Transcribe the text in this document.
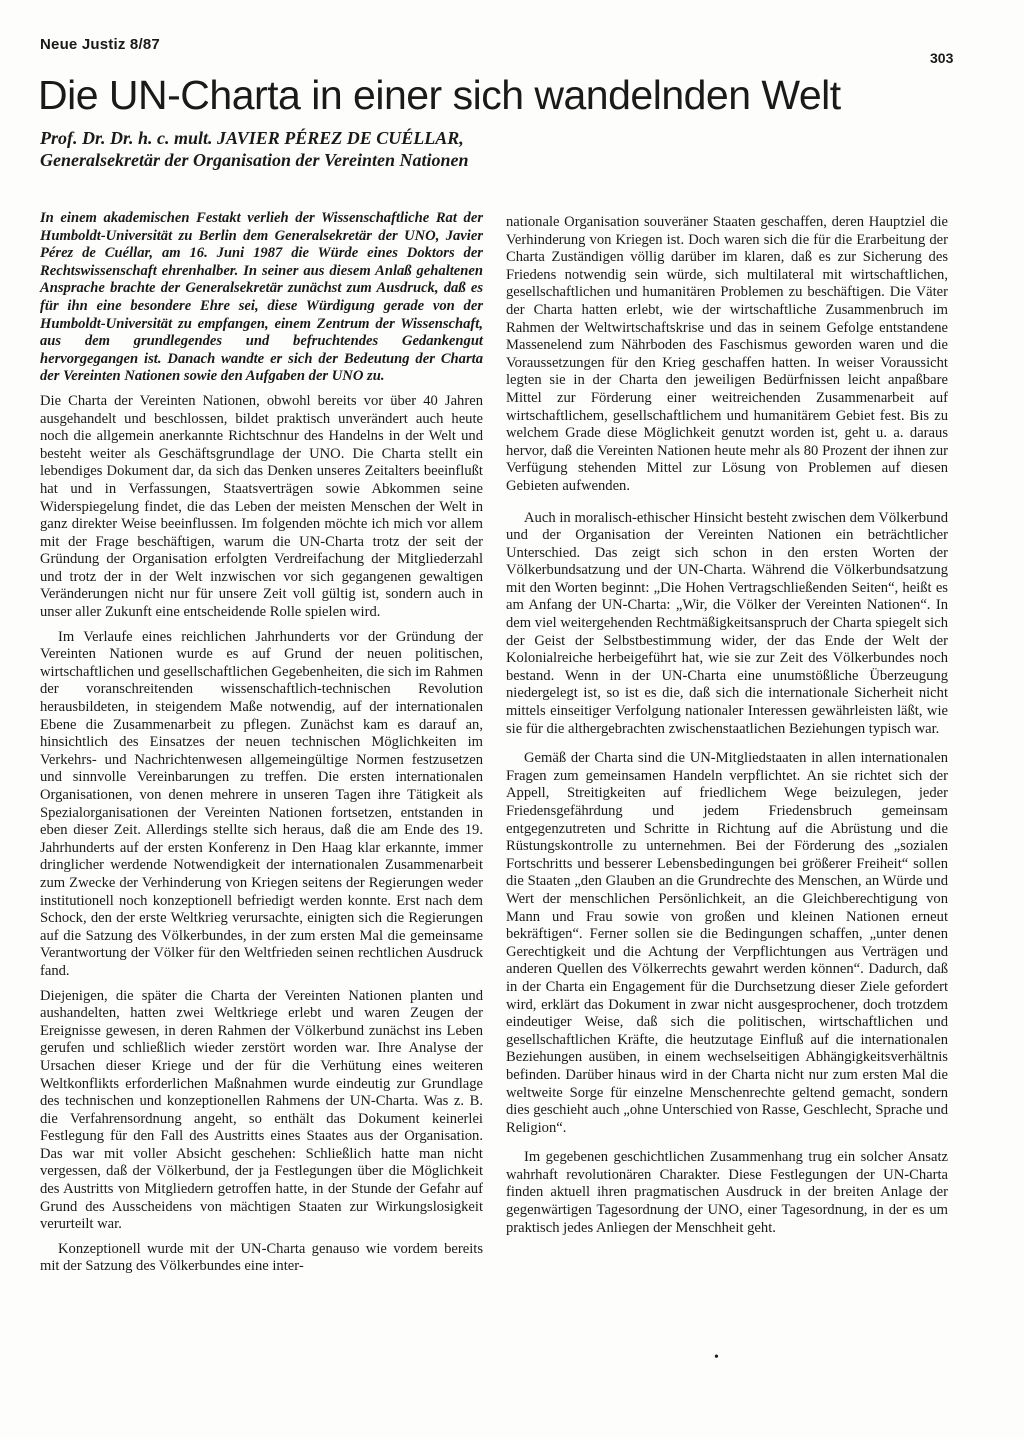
Neue Justiz 8/87
303
Die UN-Charta in einer sich wandelnden Welt
Prof. Dr. Dr. h. c. mult. JAVIER PÉREZ DE CUÉLLAR,
Generalsekretär der Organisation der Vereinten Nationen

In einem akademischen Festakt verlieh der Wissenschaftliche Rat der Humboldt-Universität zu Berlin dem Generalsekretär der UNO, Javier Pérez de Cuéllar, am 16. Juni 1987 die Würde eines Doktors der Rechtswissenschaft ehrenhalber. In seiner aus diesem Anlaß gehaltenen Ansprache brachte der Generalsekretär zunächst zum Ausdruck, daß es für ihn eine besondere Ehre sei, diese Würdigung gerade von der Humboldt-Universität zu empfangen, einem Zentrum der Wissenschaft, aus dem grundlegendes und befruchtendes Gedankengut hervorgegangen ist. Danach wandte er sich der Bedeutung der Charta der Vereinten Nationen sowie den Aufgaben der UNO zu.

Die Charta der Vereinten Nationen, obwohl bereits vor über 40 Jahren ausgehandelt und beschlossen, bildet praktisch unverändert auch heute noch die allgemein anerkannte Richtschnur des Handelns in der Welt und besteht weiter als Geschäftsgrundlage der UNO. Die Charta stellt ein lebendiges Dokument dar, da sich das Denken unseres Zeitalters beeinflußt hat und in Verfassungen, Staatsverträgen sowie Abkommen seine Widerspiegelung findet, die das Leben der meisten Menschen der Welt in ganz direkter Weise beeinflussen. Im folgenden möchte ich mich vor allem mit der Frage beschäftigen, warum die UN-Charta trotz der seit der Gründung der Organisation erfolgten Verdreifachung der Mitgliederzahl und trotz der in der Welt inzwischen vor sich gegangenen gewaltigen Veränderungen nicht nur für unsere Zeit voll gültig ist, sondern auch in unser aller Zukunft eine entscheidende Rolle spielen wird.

Im Verlaufe eines reichlichen Jahrhunderts vor der Gründung der Vereinten Nationen wurde es auf Grund der neuen politischen, wirtschaftlichen und gesellschaftlichen Gegebenheiten, die sich im Rahmen der voranschreitenden wissenschaftlich-technischen Revolution herausbildeten, in steigendem Maße notwendig, auf der internationalen Ebene die Zusammenarbeit zu pflegen. Zunächst kam es darauf an, hinsichtlich des Einsatzes der neuen technischen Möglichkeiten im Verkehrs- und Nachrichtenwesen allgemeingültige Normen festzusetzen und sinnvolle Vereinbarungen zu treffen. Die ersten internationalen Organisationen, von denen mehrere in unseren Tagen ihre Tätigkeit als Spezialorganisationen der Vereinten Nationen fortsetzen, entstanden in eben dieser Zeit. Allerdings stellte sich heraus, daß die am Ende des 19. Jahrhunderts auf der ersten Konferenz in Den Haag klar erkannte, immer dringlicher werdende Notwendigkeit der internationalen Zusammenarbeit zum Zwecke der Verhinderung von Kriegen seitens der Regierungen weder institutionell noch konzeptionell befriedigt werden konnte. Erst nach dem Schock, den der erste Weltkrieg verursachte, einigten sich die Regierungen auf die Satzung des Völkerbundes, in der zum ersten Mal die gemeinsame Verantwortung der Völker für den Weltfrieden seinen rechtlichen Ausdruck fand.

Diejenigen, die später die Charta der Vereinten Nationen planten und aushandelten, hatten zwei Weltkriege erlebt und waren Zeugen der Ereignisse gewesen, in deren Rahmen der Völkerbund zunächst ins Leben gerufen und schließlich wieder zerstört worden war. Ihre Analyse der Ursachen dieser Kriege und der für die Verhütung eines weiteren Weltkonflikts erforderlichen Maßnahmen wurde eindeutig zur Grundlage des technischen und konzeptionellen Rahmens der UN-Charta. Was z. B. die Verfahrensordnung angeht, so enthält das Dokument keinerlei Festlegung für den Fall des Austritts eines Staates aus der Organisation. Das war mit voller Absicht geschehen: Schließlich hatte man nicht vergessen, daß der Völkerbund, der ja Festlegungen über die Möglichkeit des Austritts von Mitgliedern getroffen hatte, in der Stunde der Gefahr auf Grund des Ausscheidens von mächtigen Staaten zur Wirkungslosigkeit verurteilt war.

Konzeptionell wurde mit der UN-Charta genauso wie vordem bereits mit der Satzung des Völkerbundes eine inter-

nationale Organisation souveräner Staaten geschaffen, deren Hauptziel die Verhinderung von Kriegen ist. Doch waren sich die für die Erarbeitung der Charta Zuständigen völlig darüber im klaren, daß es zur Sicherung des Friedens notwendig sein würde, sich multilateral mit wirtschaftlichen, gesellschaftlichen und humanitären Problemen zu beschäftigen. Die Väter der Charta hatten erlebt, wie der wirtschaftliche Zusammenbruch im Rahmen der Weltwirtschaftskrise und das in seinem Gefolge entstandene Massenelend zum Nährboden des Faschismus geworden waren und die Voraussetzungen für den Krieg geschaffen hatten. In weiser Voraussicht legten sie in der Charta den jeweiligen Bedürfnissen leicht anpaßbare Mittel zur Förderung einer weitreichenden Zusammenarbeit auf wirtschaftlichem, gesellschaftlichem und humanitärem Gebiet fest. Bis zu welchem Grade diese Möglichkeit genutzt worden ist, geht u. a. daraus hervor, daß die Vereinten Nationen heute mehr als 80 Prozent der ihnen zur Verfügung stehenden Mittel zur Lösung von Problemen auf diesen Gebieten aufwenden.

Auch in moralisch-ethischer Hinsicht besteht zwischen dem Völkerbund und der Organisation der Vereinten Nationen ein beträchtlicher Unterschied. Das zeigt sich schon in den ersten Worten der Völkerbundsatzung und der UN-Charta. Während die Völkerbundsatzung mit den Worten beginnt: „Die Hohen Vertragschließenden Seiten“, heißt es am Anfang der UN-Charta: „Wir, die Völker der Vereinten Nationen“. In dem viel weitergehenden Rechtmäßigkeitsanspruch der Charta spiegelt sich der Geist der Selbstbestimmung wider, der das Ende der Welt der Kolonialreiche herbeigeführt hat, wie sie zur Zeit des Völkerbundes noch bestand. Wenn in der UN-Charta eine unumstößliche Überzeugung niedergelegt ist, so ist es die, daß sich die internationale Sicherheit nicht mittels einseitiger Verfolgung nationaler Interessen gewährleisten läßt, wie sie für die althergebrachten zwischenstaatlichen Beziehungen typisch war.

Gemäß der Charta sind die UN-Mitgliedstaaten in allen internationalen Fragen zum gemeinsamen Handeln verpflichtet. An sie richtet sich der Appell, Streitigkeiten auf friedlichem Wege beizulegen, jeder Friedensgefährdung und jedem Friedensbruch gemeinsam entgegenzutreten und Schritte in Richtung auf die Abrüstung und die Rüstungskontrolle zu unternehmen. Bei der Förderung des „sozialen Fortschritts und besserer Lebensbedingungen bei größerer Freiheit“ sollen die Staaten „den Glauben an die Grundrechte des Menschen, an Würde und Wert der menschlichen Persönlichkeit, an die Gleichberechtigung von Mann und Frau sowie von großen und kleinen Nationen erneut bekräftigen“. Ferner sollen sie die Bedingungen schaffen, „unter denen Gerechtigkeit und die Achtung der Verpflichtungen aus Verträgen und anderen Quellen des Völkerrechts gewahrt werden können“. Dadurch, daß in der Charta ein Engagement für die Durchsetzung dieser Ziele gefordert wird, erklärt das Dokument in zwar nicht ausgesprochener, doch trotzdem eindeutiger Weise, daß sich die politischen, wirtschaftlichen und gesellschaftlichen Kräfte, die heutzutage Einfluß auf die internationalen Beziehungen ausüben, in einem wechselseitigen Abhängigkeitsverhältnis befinden. Darüber hinaus wird in der Charta nicht nur zum ersten Mal die weltweite Sorge für einzelne Menschenrechte geltend gemacht, sondern dies geschieht auch „ohne Unterschied von Rasse, Geschlecht, Sprache und Religion“.

Im gegebenen geschichtlichen Zusammenhang trug ein solcher Ansatz wahrhaft revolutionären Charakter. Diese Festlegungen der UN-Charta finden aktuell ihren pragmatischen Ausdruck in der breiten Anlage der gegenwärtigen Tagesordnung der UNO, einer Tagesordnung, in der es um praktisch jedes Anliegen der Menschheit geht.

•
